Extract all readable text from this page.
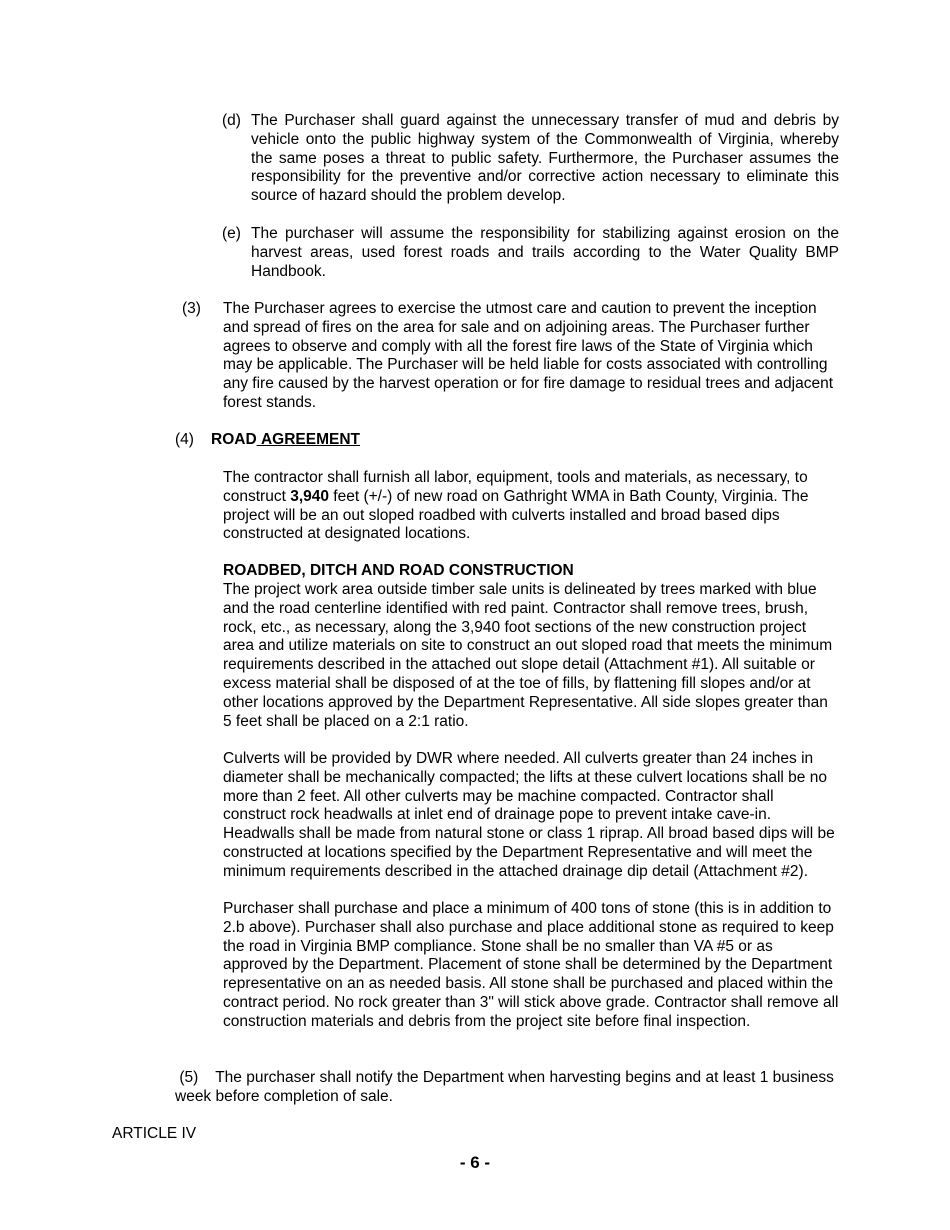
(d) The Purchaser shall guard against the unnecessary transfer of mud and debris by vehicle onto the public highway system of the Commonwealth of Virginia, whereby the same poses a threat to public safety. Furthermore, the Purchaser assumes the responsibility for the preventive and/or corrective action necessary to eliminate this source of hazard should the problem develop.
(e) The purchaser will assume the responsibility for stabilizing against erosion on the harvest areas, used forest roads and trails according to the Water Quality BMP Handbook.
(3) The Purchaser agrees to exercise the utmost care and caution to prevent the inception and spread of fires on the area for sale and on adjoining areas. The Purchaser further agrees to observe and comply with all the forest fire laws of the State of Virginia which may be applicable. The Purchaser will be held liable for costs associated with controlling any fire caused by the harvest operation or for fire damage to residual trees and adjacent forest stands.
(4) ROAD AGREEMENT
The contractor shall furnish all labor, equipment, tools and materials, as necessary, to construct 3,940 feet (+/-) of new road on Gathright WMA in Bath County, Virginia. The project will be an out sloped roadbed with culverts installed and broad based dips constructed at designated locations.
ROADBED, DITCH AND ROAD CONSTRUCTION
The project work area outside timber sale units is delineated by trees marked with blue and the road centerline identified with red paint. Contractor shall remove trees, brush, rock, etc., as necessary, along the 3,940 foot sections of the new construction project area and utilize materials on site to construct an out sloped road that meets the minimum requirements described in the attached out slope detail (Attachment #1). All suitable or excess material shall be disposed of at the toe of fills, by flattening fill slopes and/or at other locations approved by the Department Representative. All side slopes greater than 5 feet shall be placed on a 2:1 ratio.
Culverts will be provided by DWR where needed. All culverts greater than 24 inches in diameter shall be mechanically compacted; the lifts at these culvert locations shall be no more than 2 feet. All other culverts may be machine compacted. Contractor shall construct rock headwalls at inlet end of drainage pope to prevent intake cave-in. Headwalls shall be made from natural stone or class 1 riprap. All broad based dips will be constructed at locations specified by the Department Representative and will meet the minimum requirements described in the attached drainage dip detail (Attachment #2).
Purchaser shall purchase and place a minimum of 400 tons of stone (this is in addition to 2.b above). Purchaser shall also purchase and place additional stone as required to keep the road in Virginia BMP compliance. Stone shall be no smaller than VA #5 or as approved by the Department. Placement of stone shall be determined by the Department representative on an as needed basis. All stone shall be purchased and placed within the contract period. No rock greater than 3" will stick above grade. Contractor shall remove all construction materials and debris from the project site before final inspection.
(5)    The purchaser shall notify the Department when harvesting begins and at least 1 business week before completion of sale.
ARTICLE IV
- 6 -
